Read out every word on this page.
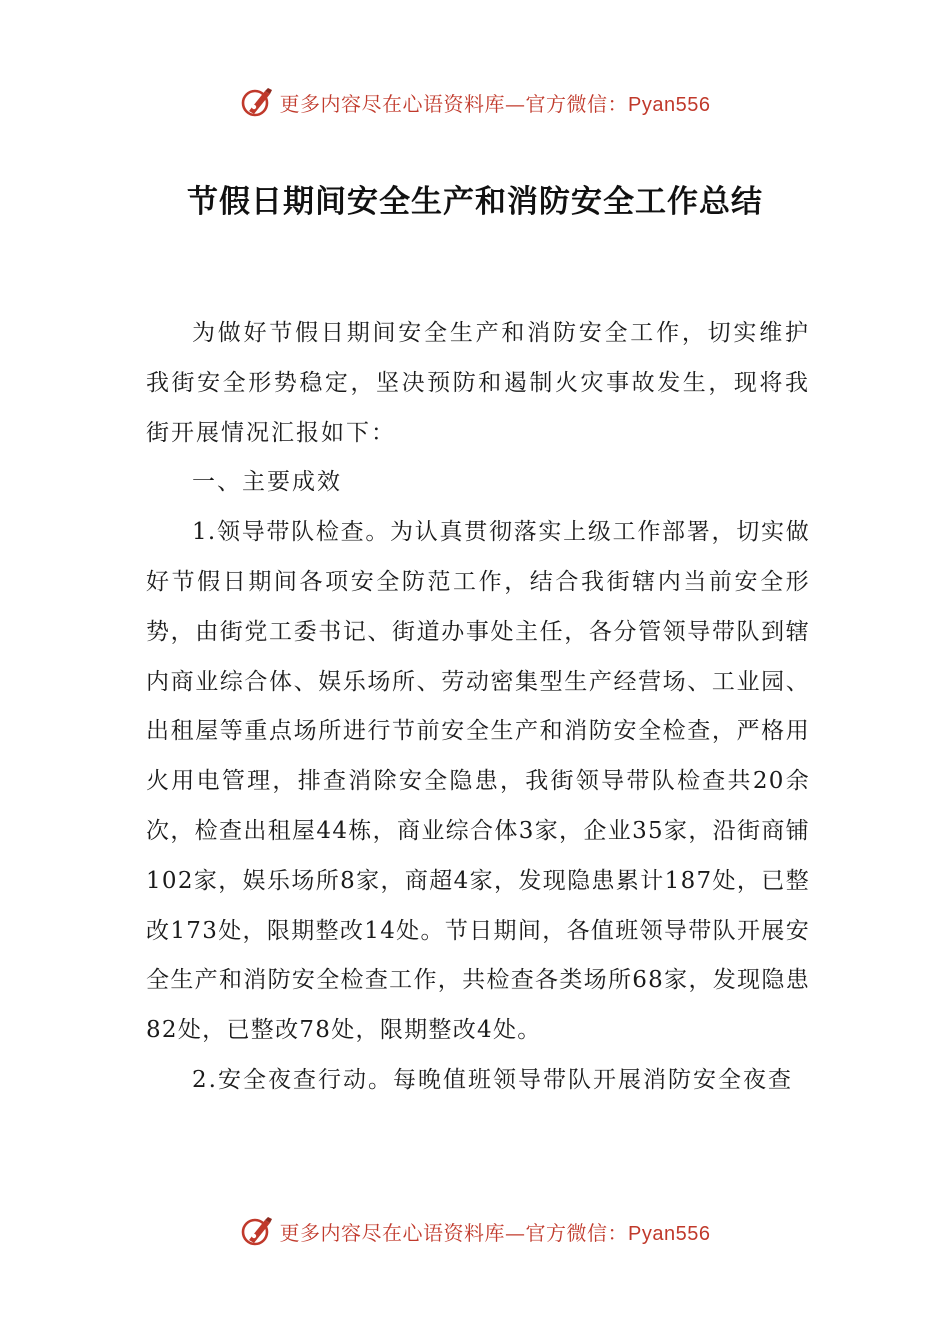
更多内容尽在心语资料库—官方微信：Pyan556
节假日期间安全生产和消防安全工作总结

为做好节假日期间安全生产和消防安全工作，切实维护我街安全形势稳定，坚决预防和遏制火灾事故发生，现将我街开展情况汇报如下：

一、主要成效

1.领导带队检查。为认真贯彻落实上级工作部署，切实做好节假日期间各项安全防范工作，结合我街辖内当前安全形势，由街党工委书记、街道办事处主任，各分管领导带队到辖内商业综合体、娱乐场所、劳动密集型生产经营场、工业园、出租屋等重点场所进行节前安全生产和消防安全检查，严格用火用电管理，排查消除安全隐患，我街领导带队检查共20余次，检查出租屋44栋，商业综合体3家，企业35家，沿街商铺102家，娱乐场所8家，商超4家，发现隐患累计187处，已整改173处，限期整改14处。节日期间，各值班领导带队开展安全生产和消防安全检查工作，共检查各类场所68家，发现隐患82处，已整改78处，限期整改4处。

2.安全夜查行动。每晚值班领导带队开展消防安全夜查

更多内容尽在心语资料库—官方微信：Pyan556
